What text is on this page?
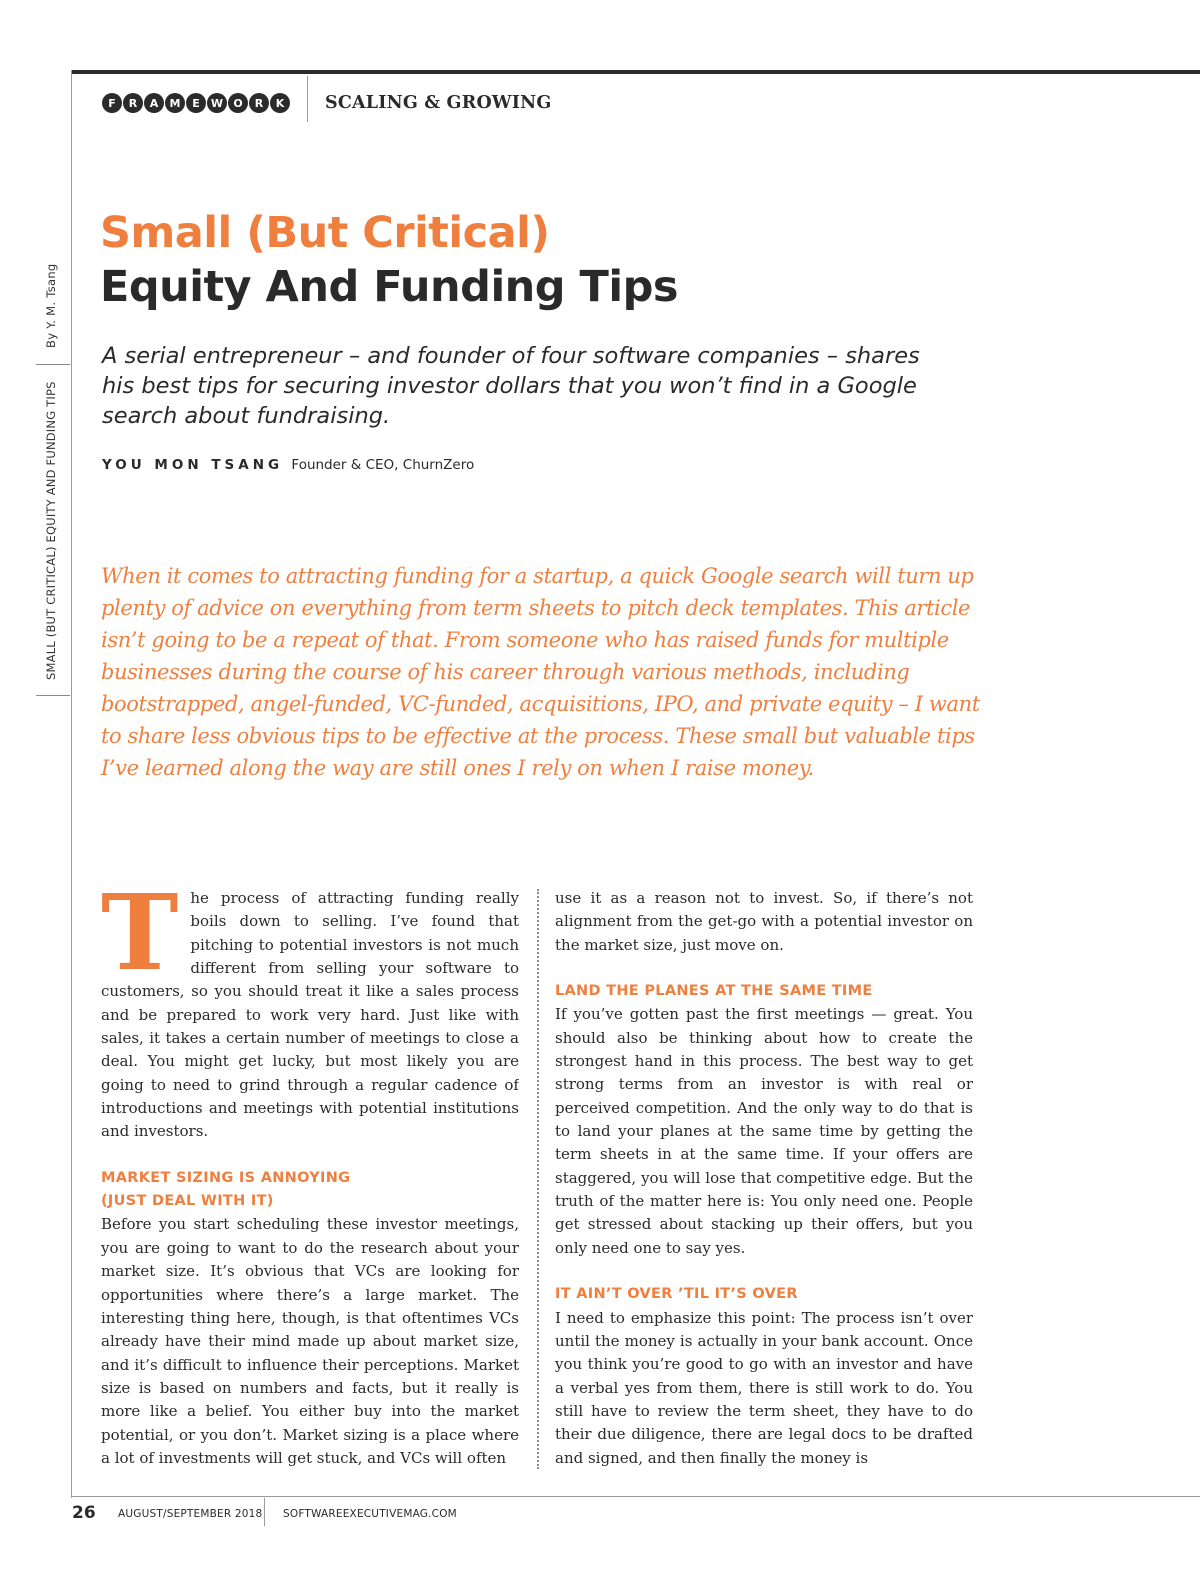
By Y. M. Tsang
SMALL (BUT CRITICAL) EQUITY AND FUNDING TIPS
F	R	A	M	E	W O	R	K	SCALING & GROWING
Small (But Critical)
Equity And Funding Tips

A serial entrepreneur – and founder of four software companies – shares his best tips for securing investor dollars that you won’t find in a Google search about fundraising.

YOU MON TSANG Founder & CEO, ChurnZero

When it comes to attracting funding for a startup, a quick Google search will turn up plenty of advice on everything from term sheets to pitch deck templates. This article isn’t going to be a repeat of that. From someone who has raised funds for multiple businesses during the course of his career through various methods, including bootstrapped, angel-funded, VC-funded, acquisitions, IPO, and private equity – I want to share less obvious tips to be effective at the process. These small but valuable tips I’ve learned along the way are still ones I rely on when I raise money.

The process of attracting funding really boils down to selling. I’ve found that pitching to potential investors is not much different from selling your software to customers, so you should treat it like a sales process and be prepared to work very hard. Just like with sales, it takes a certain number of meetings to close a deal. You might get lucky, but most likely you are going to need to grind through a regular cadence of introductions and meetings with potential institutions and investors.

MARKET SIZING IS ANNOYING
(JUST DEAL WITH IT)

Before you start scheduling these investor meetings, you are going to want to do the research about your market size. It’s obvious that VCs are looking for opportunities where there’s a large market. The interesting thing here, though, is that oftentimes VCs already have their mind made up about market size, and it’s difficult to influence their perceptions. Market size is based on numbers and facts, but it really is more like a belief. You either buy into the market potential, or you don’t. Market sizing is a place where a lot of investments will get stuck, and VCs will often

use it as a reason not to invest. So, if there’s not alignment from the get-go with a potential investor on the market size, just move on.

LAND THE PLANES AT THE SAME TIME

If you’ve gotten past the first meetings — great. You should also be thinking about how to create the strongest hand in this process. The best way to get strong terms from an investor is with real or perceived competition. And the only way to do that is to land your planes at the same time by getting the term sheets in at the same time. If your offers are staggered, you will lose that competitive edge. But the truth of the matter here is: You only need one. People get stressed about stacking up their offers, but you only need one to say yes.

IT AIN’T OVER ’TIL IT’S OVER

I need to emphasize this point: The process isn’t over until the money is actually in your bank account. Once you think you’re good to go with an investor and have a verbal yes from them, there is still work to do. You still have to review the term sheet, they have to do their due diligence, there are legal docs to be drafted and signed, and then finally the money is

26 AUGUST/SEPTEMBER 2018 SOFTWAREEXECUTIVEMAG.COM
